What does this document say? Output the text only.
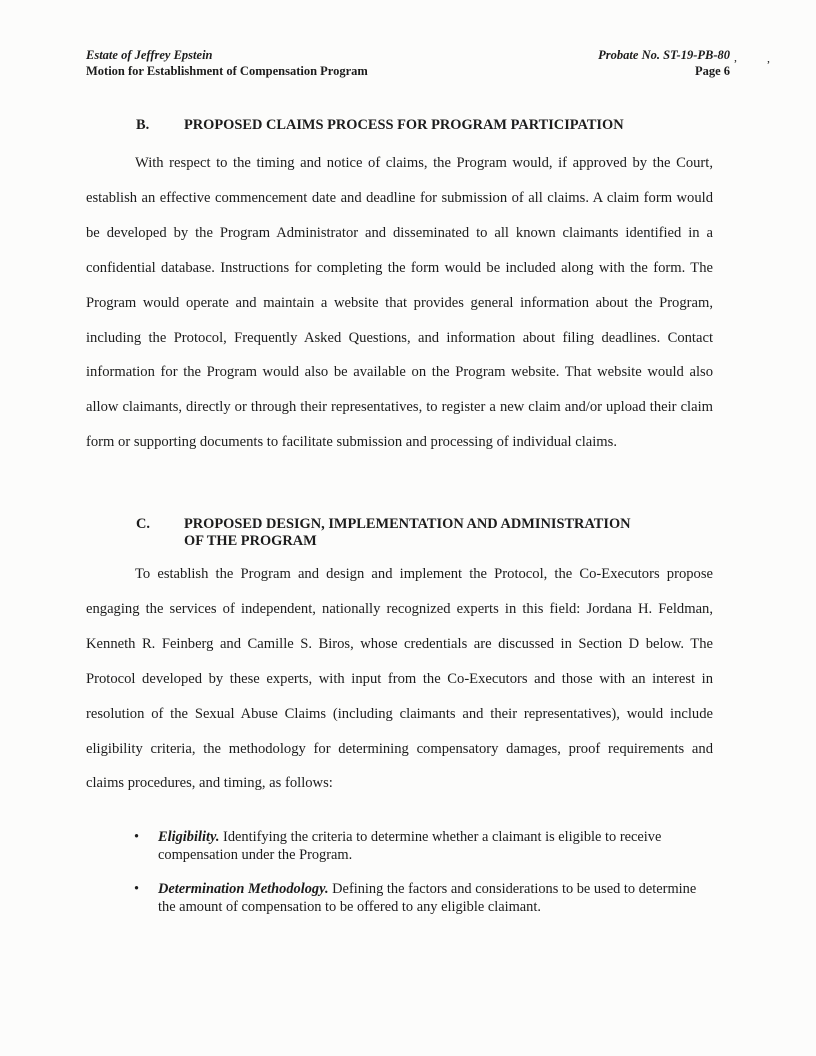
Estate of Jeffrey Epstein
Motion for Establishment of Compensation Program
Probate No. ST-19-PB-80
Page 6
,	,
B. PROPOSED CLAIMS PROCESS FOR PROGRAM PARTICIPATION

With respect to the timing and notice of claims, the Program would, if approved by the Court, establish an effective commencement date and deadline for submission of all claims. A claim form would be developed by the Program Administrator and disseminated to all known claimants identified in a confidential database. Instructions for completing the form would be included along with the form. The Program would operate and maintain a website that provides general information about the Program, including the Protocol, Frequently Asked Questions, and information about filing deadlines. Contact information for the Program would also be available on the Program website. That website would also allow claimants, directly or through their representatives, to register a new claim and/or upload their claim form or supporting documents to facilitate submission and processing of individual claims.

C. PROPOSED DESIGN, IMPLEMENTATION AND ADMINISTRATION
OF THE PROGRAM

To establish the Program and design and implement the Protocol, the Co-Executors propose engaging the services of independent, nationally recognized experts in this field: Jordana H. Feldman, Kenneth R. Feinberg and Camille S. Biros, whose credentials are discussed in Section D below. The Protocol developed by these experts, with input from the Co-Executors and those with an interest in resolution of the Sexual Abuse Claims (including claimants and their representatives), would include eligibility criteria, the methodology for determining compensatory damages, proof requirements and claims procedures, and timing, as follows:

•	Eligibility. Identifying the criteria to determine whether a claimant is eligible to receive compensation under the Program.
•	Determination Methodology. Defining the factors and considerations to be used to determine the amount of compensation to be offered to any eligible claimant.
